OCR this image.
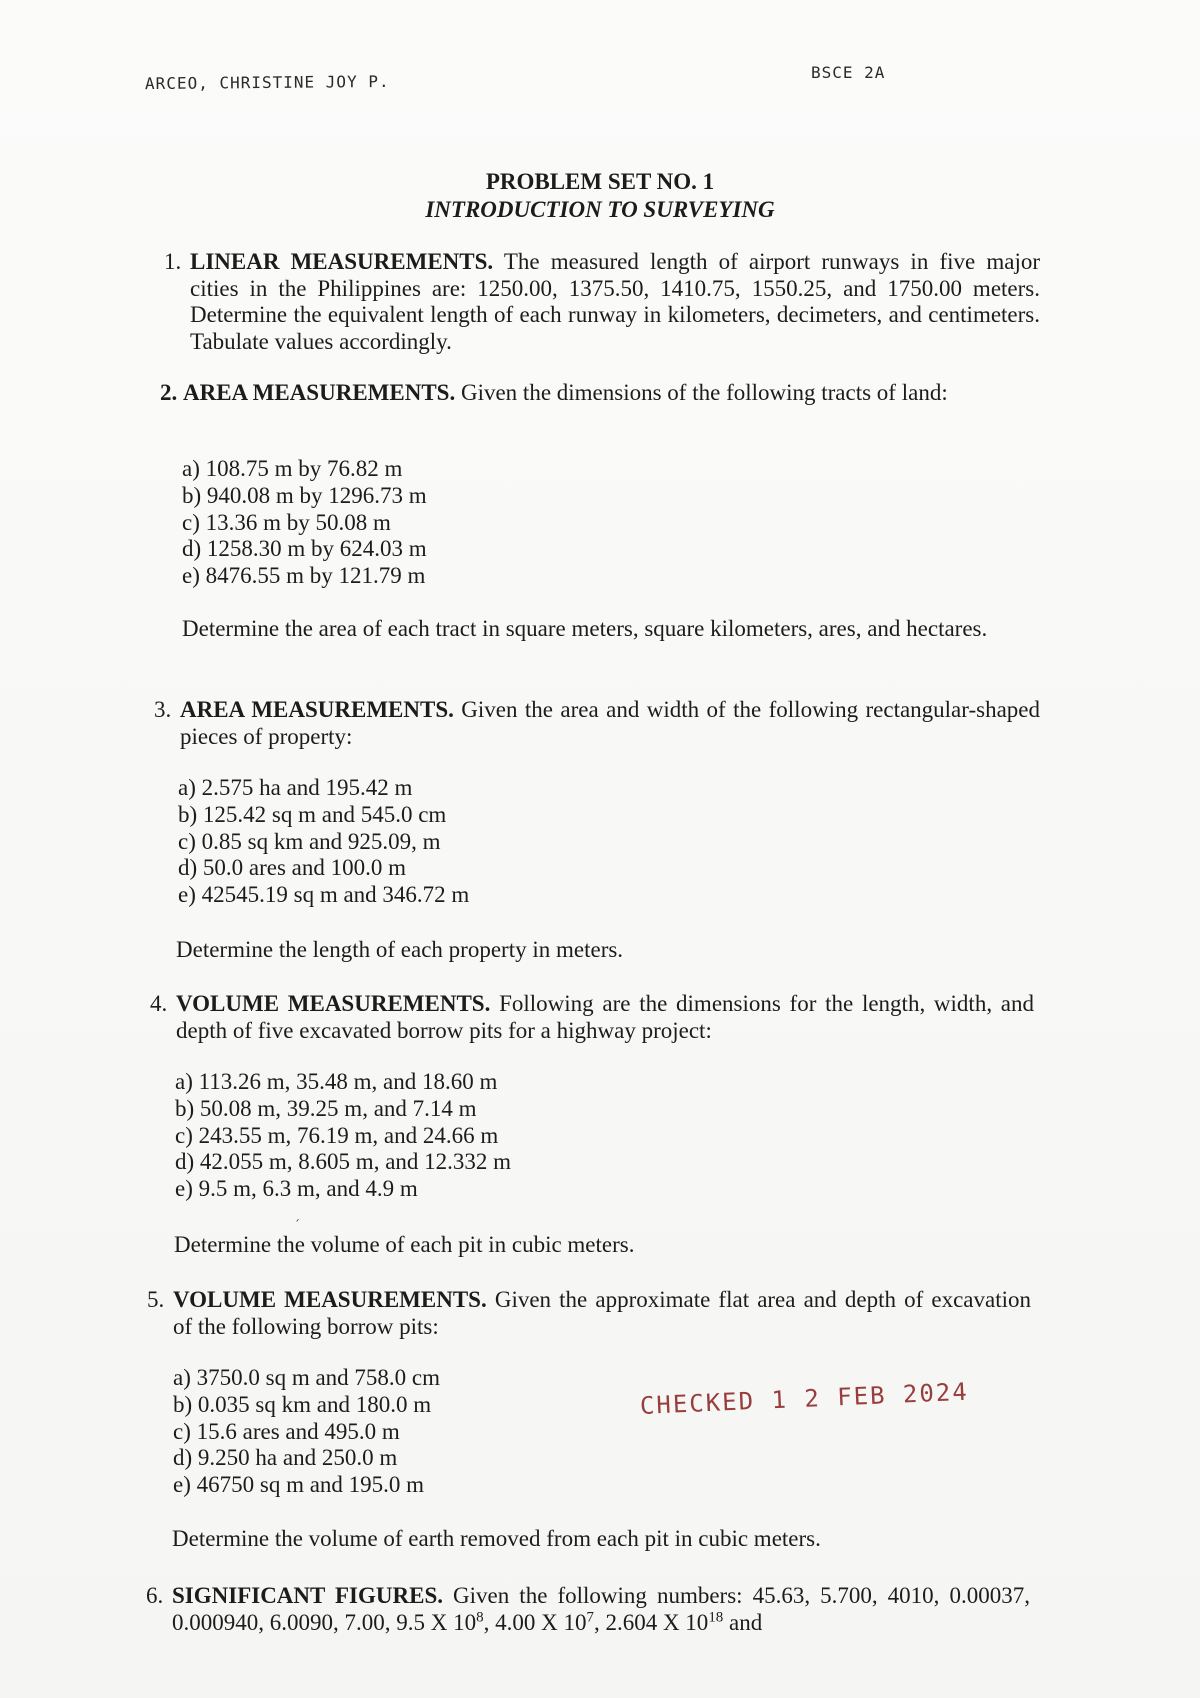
ARCEO, CHRISTINE JOY P.	BSCE 2A
PROBLEM SET NO. 1
INTRODUCTION TO SURVEYING
1. LINEAR MEASUREMENTS. The measured length of airport runways in five major cities in the Philippines are: 1250.00, 1375.50, 1410.75, 1550.25, and 1750.00 meters. Determine the equivalent length of each runway in kilometers, decimeters, and centimeters. Tabulate values accordingly.
2. AREA MEASUREMENTS. Given the dimensions of the following tracts of land:
a) 108.75 m by 76.82 m
b) 940.08 m by 1296.73 m
c) 13.36 m by 50.08 m
d) 1258.30 m by 624.03 m
e) 8476.55 m by 121.79 m
Determine the area of each tract in square meters, square kilometers, ares, and hectares.
3. AREA MEASUREMENTS. Given the area and width of the following rectangular-shaped pieces of property:
a) 2.575 ha and 195.42 m
b) 125.42 sq m and 545.0 cm
c) 0.85 sq km and 925.09, m
d) 50.0 ares and 100.0 m
e) 42545.19 sq m and 346.72 m
Determine the length of each property in meters.
4. VOLUME MEASUREMENTS. Following are the dimensions for the length, width, and depth of five excavated borrow pits for a highway project:
a) 113.26 m, 35.48 m, and 18.60 m
b) 50.08 m, 39.25 m, and 7.14 m
c) 243.55 m, 76.19 m, and 24.66 m
d) 42.055 m, 8.605 m, and 12.332 m
e) 9.5 m, 6.3 m, and 4.9 m
´
Determine the volume of each pit in cubic meters.
5. VOLUME MEASUREMENTS. Given the approximate flat area and depth of excavation of the following borrow pits:
a) 3750.0 sq m and 758.0 cm
b) 0.035 sq km and 180.0 m
c) 15.6 ares and 495.0 m
d) 9.250 ha and 250.0 m
e) 46750 sq m and 195.0 m
Determine the volume of earth removed from each pit in cubic meters.
CHECKED 1 2 FEB 2024
6. SIGNIFICANT FIGURES. Given the following numbers: 45.63, 5.700, 4010, 0.00037, 0.000940, 6.0090, 7.00, 9.5 X $10^8$, 4.00 X $10^7$, 2.604 X $10^{18}$ and
